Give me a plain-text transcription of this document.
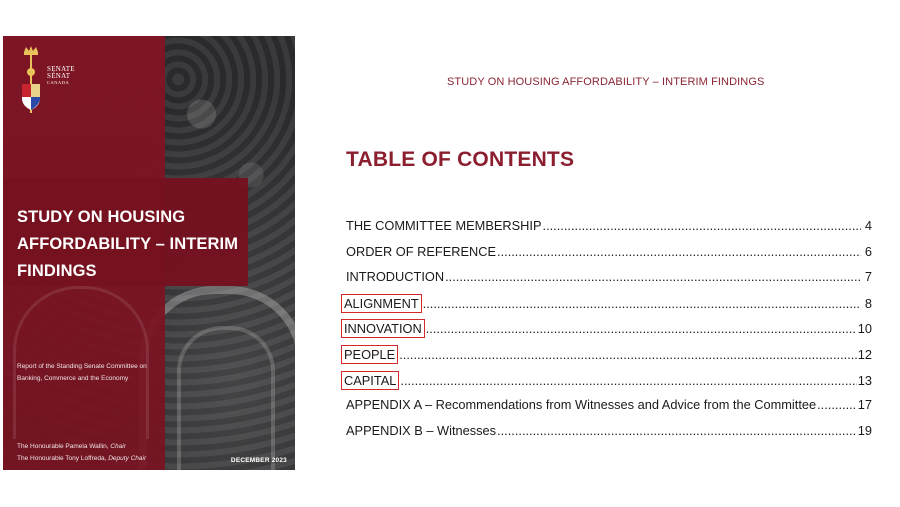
SENATE
SÉNAT
CANADA
STUDY ON HOUSING
AFFORDABILITY – INTERIM
FINDINGS
Report of the Standing Senate Committee on
Banking, Commerce and the Economy
The Honourable Pamela Wallin, Chair
The Honourable Tony Loffreda, Deputy Chair	DECEMBER 2023
STUDY ON HOUSING AFFORDABILITY – INTERIM FINDINGS
TABLE OF CONTENTS
THE COMMITTEE MEMBERSHIP .....	4
ORDER OF REFERENCE .....	6
INTRODUCTION .....	7
ALIGNMENT .....	8
INNOVATION .....	10
PEOPLE .....	12
CAPITAL .....	13
APPENDIX A – Recommendations from Witnesses and Advice from the Committee .....	17
APPENDIX B – Witnesses .....	19
